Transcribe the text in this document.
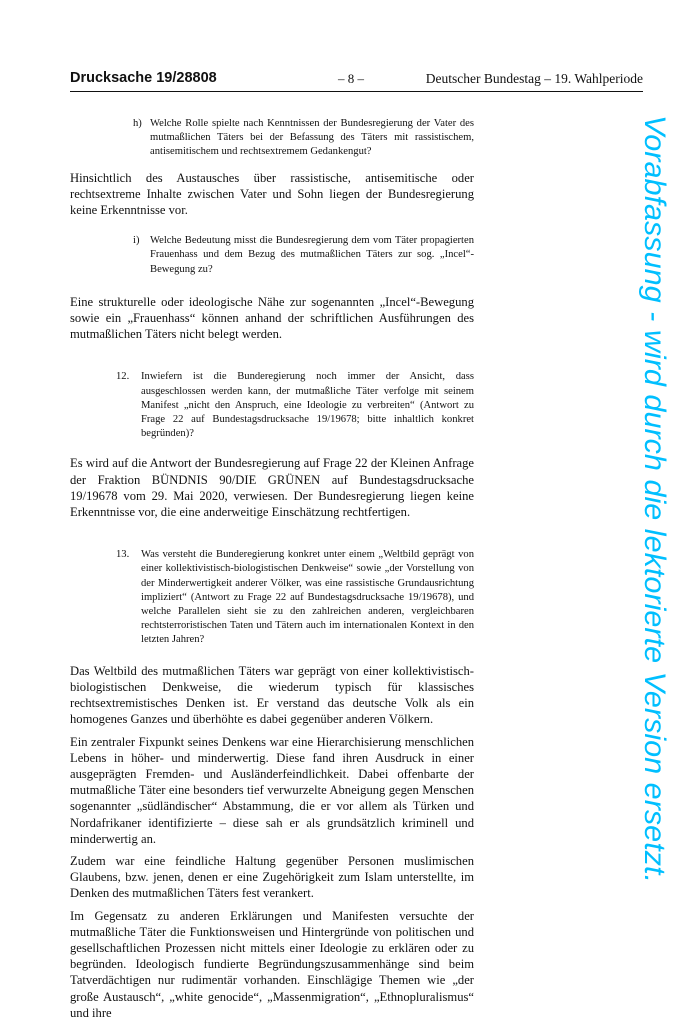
Drucksache 19/28808	– 8 –	Deutscher Bundestag – 19. Wahlperiode
h) Welche Rolle spielte nach Kenntnissen der Bundesregierung der Vater des mutmaßlichen Täters bei der Befassung des Täters mit rassistischem, antisemitischem und rechtsextremem Gedankengut?

Hinsichtlich des Austausches über rassistische, antisemitische oder rechtsextreme Inhalte zwischen Vater und Sohn liegen der Bundesregierung keine Erkenntnisse vor.

i) Welche Bedeutung misst die Bundesregierung dem vom Täter propagierten Frauenhass und dem Bezug des mutmaßlichen Täters zur sog. „Incel“-Bewegung zu?

Eine strukturelle oder ideologische Nähe zur sogenannten „Incel“-Bewegung sowie ein „Frauenhass“ können anhand der schriftlichen Ausführungen des mutmaßlichen Täters nicht belegt werden.

12. Inwiefern ist die Bunderegierung noch immer der Ansicht, dass ausgeschlossen werden kann, der mutmaßliche Täter verfolge mit seinem Manifest „nicht den Anspruch, eine Ideologie zu verbreiten“ (Antwort zu Frage 22 auf Bundestagsdrucksache 19/19678; bitte inhaltlich konkret begründen)?

Es wird auf die Antwort der Bundesregierung auf Frage 22 der Kleinen Anfrage der Fraktion BÜNDNIS 90/DIE GRÜNEN auf Bundestagsdrucksache 19/19678 vom 29. Mai 2020, verwiesen. Der Bundesregierung liegen keine Erkenntnisse vor, die eine anderweitige Einschätzung rechtfertigen.

13. Was versteht die Bunderegierung konkret unter einem „Weltbild geprägt von einer kollektivistisch-biologistischen Denkweise“ sowie „der Vorstellung von der Minderwertigkeit anderer Völker, was eine rassistische Grundausrichtung impliziert“ (Antwort zu Frage 22 auf Bundestagsdrucksache 19/19678), und welche Parallelen sieht sie zu den zahlreichen anderen, vergleichbaren rechtsterroristischen Taten und Tätern auch im internationalen Kontext in den letzten Jahren?

Das Weltbild des mutmaßlichen Täters war geprägt von einer kollektivistisch-biologistischen Denkweise, die wiederum typisch für klassisches rechtsextremistisches Denken ist. Er verstand das deutsche Volk als ein homogenes Ganzes und überhöhte es dabei gegenüber anderen Völkern.

Ein zentraler Fixpunkt seines Denkens war eine Hierarchisierung menschlichen Lebens in höher- und minderwertig. Diese fand ihren Ausdruck in einer ausgeprägten Fremden- und Ausländerfeindlichkeit. Dabei offenbarte der mutmaßliche Täter eine besonders tief verwurzelte Abneigung gegen Menschen sogenannter „südländischer“ Abstammung, die er vor allem als Türken und Nordafrikaner identifizierte – diese sah er als grundsätzlich kriminell und minderwertig an.

Zudem war eine feindliche Haltung gegenüber Personen muslimischen Glaubens, bzw. jenen, denen er eine Zugehörigkeit zum Islam unterstellte, im Denken des mutmaßlichen Täters fest verankert.

Im Gegensatz zu anderen Erklärungen und Manifesten versuchte der mutmaßliche Täter die Funktionsweisen und Hintergründe von politischen und gesellschaftlichen Prozessen nicht mittels einer Ideologie zu erklären oder zu begründen. Ideologisch fundierte Begründungszusammenhänge sind beim Tatverdächtigen nur rudimentär vorhanden. Einschlägige Themen wie „der große Austausch“, „white genocide“, „Massenmigration“, „Ethnopluralismus“ und ihre

Vorabfassung - wird durch die lektorierte Version ersetzt.
